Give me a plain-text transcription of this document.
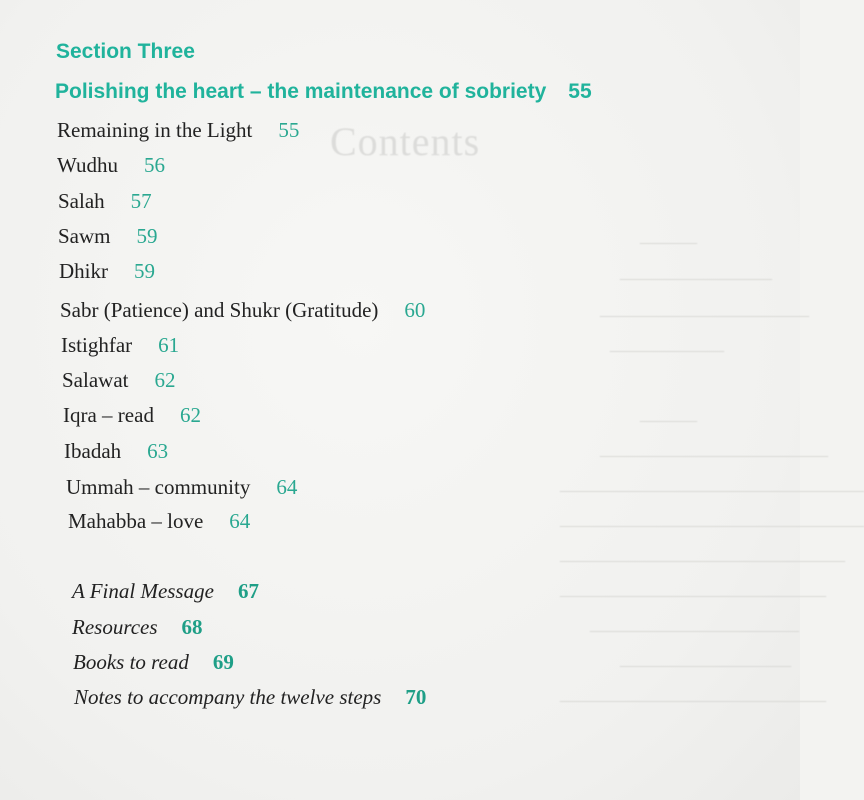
Contents
———
————————
———————————
——————
———
————————————
————————————————
————————————————
———————————————
——————————————
———————————
—————————
——————————————
Section Three
Polishing the heart – the maintenance of sobriety 55
Remaining in the Light 55
Wudhu 56
Salah 57
Sawm 59
Dhikr 59
Sabr (Patience) and Shukr (Gratitude) 60
Istighfar 61
Salawat 62
Iqra – read 62
Ibadah 63
Ummah – community 64
Mahabba – love 64
A Final Message 67
Resources 68
Books to read 69
Notes to accompany the twelve steps 70
